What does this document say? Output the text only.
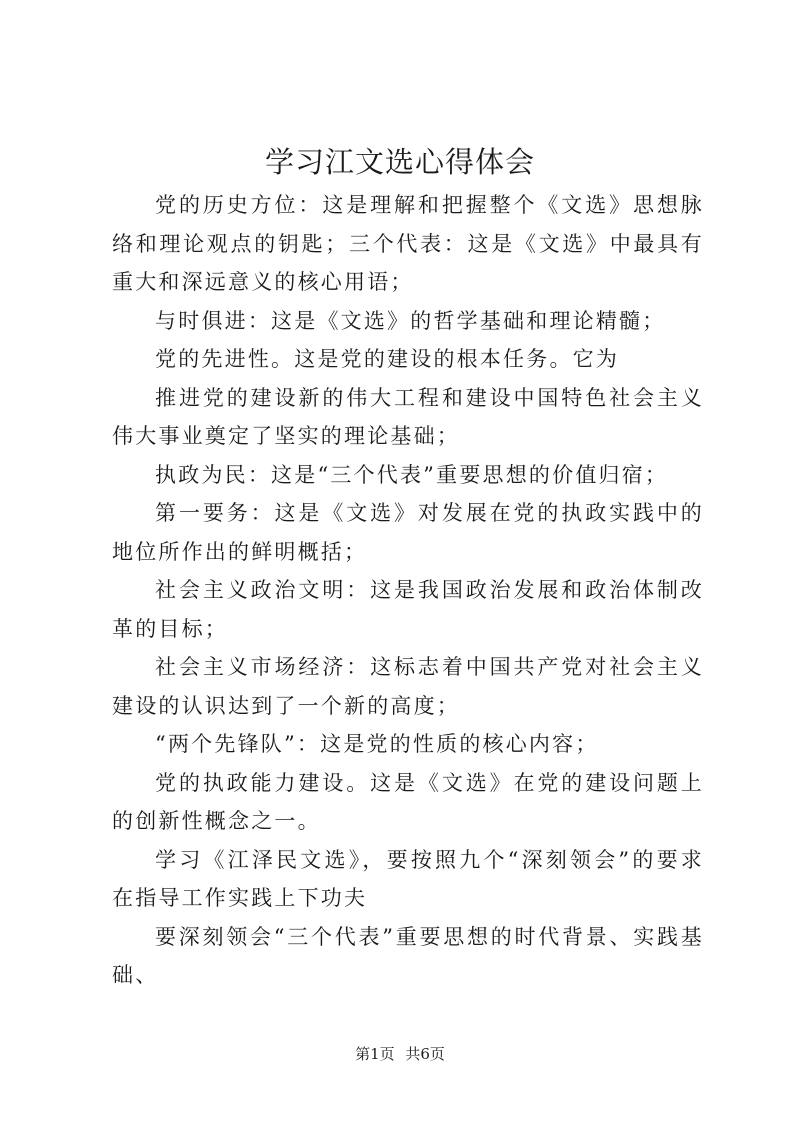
学习江文选心得体会

党的历史方位：这是理解和把握整个《文选》思想脉络和理论观点的钥匙；三个代表：这是《文选》中最具有重大和深远意义的核心用语；

与时俱进：这是《文选》的哲学基础和理论精髓；

党的先进性。这是党的建设的根本任务。它为

推进党的建设新的伟大工程和建设中国特色社会主义伟大事业奠定了坚实的理论基础；

执政为民：这是“三个代表”重要思想的价值归宿；

第一要务：这是《文选》对发展在党的执政实践中的地位所作出的鲜明概括；

社会主义政治文明：这是我国政治发展和政治体制改革的目标；

社会主义市场经济：这标志着中国共产党对社会主义建设的认识达到了一个新的高度；

“两个先锋队”：这是党的性质的核心内容；

党的执政能力建设。这是《文选》在党的建设问题上的创新性概念之一。

学习《江泽民文选》，要按照九个“深刻领会”的要求在指导工作实践上下功夫

要深刻领会“三个代表”重要思想的时代背景、实践基础、

第1页 共6页
